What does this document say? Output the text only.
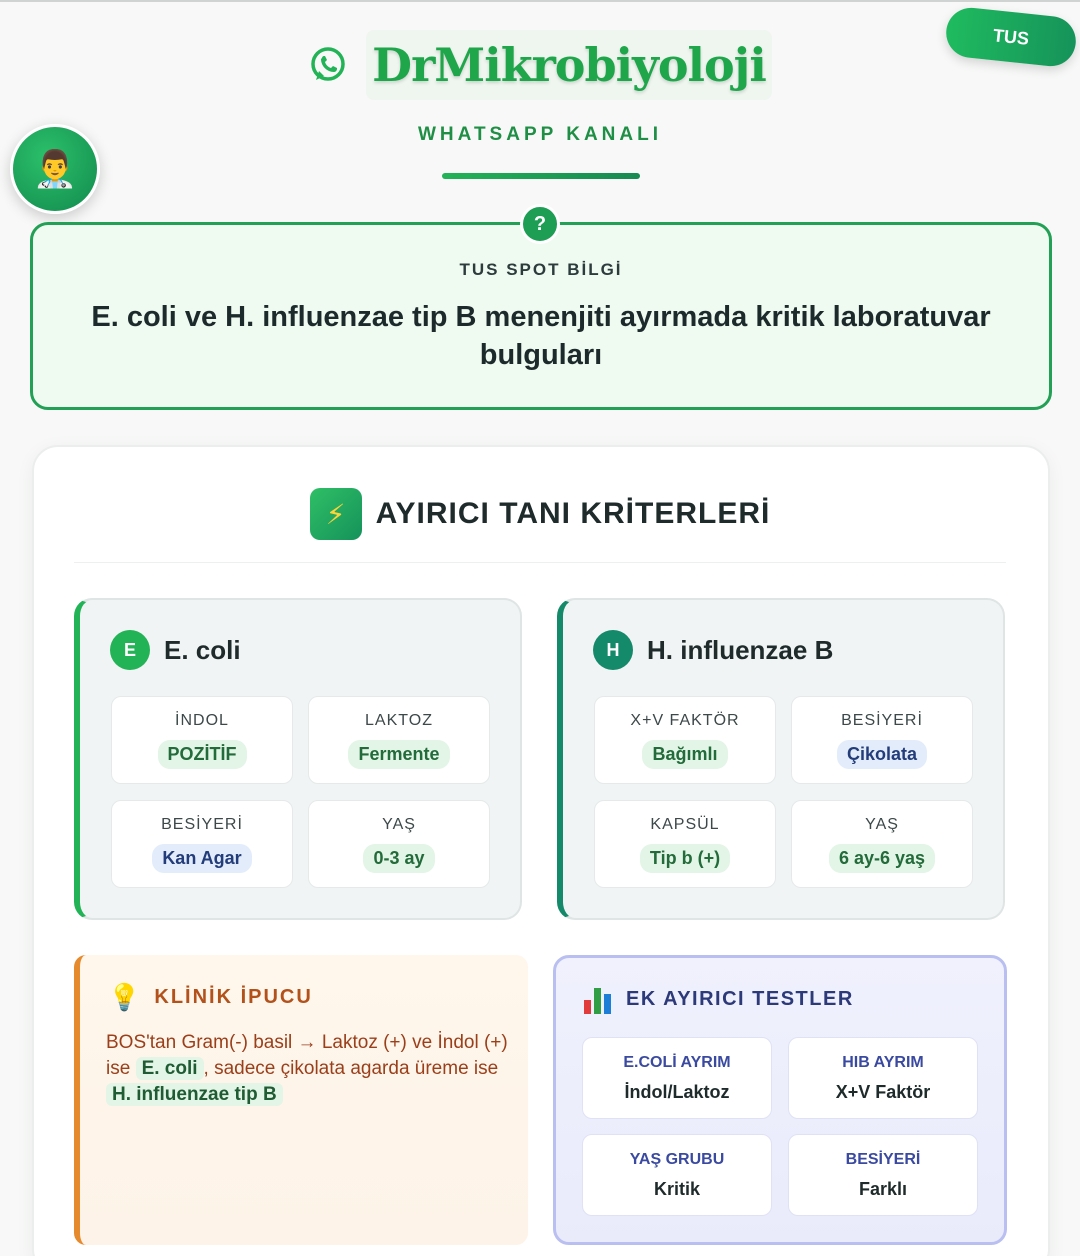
DrMikrobiyoloji
WHATSAPP KANALI
TUS
👨‍⚕️
?
TUS SPOT BİLGİ
E. coli ve H. influenzae tip B menenjiti ayırmada kritik laboratuvar bulguları
⚡	AYIRICI TANI KRİTERLERİ
E	E. coli
İNDOL
POZİTİF
LAKTOZ
Fermente
BESİYERİ
Kan Agar
YAŞ
0-3 ay
H	H. influenzae B
X+V FAKTÖR
Bağımlı
BESİYERİ
Çikolata
KAPSÜL
Tip b (+)
YAŞ
6 ay-6 yaş
💡 KLİNİK İPUCU
BOS'tan Gram(-) basil → Laktoz (+) ve İndol (+) ise E. coli , sadece çikolata agarda üreme ise H. influenzae tip B
EK AYIRICI TESTLER
E.COLİ AYRIM
İndol/Laktoz
HIB AYRIM
X+V Faktör
YAŞ GRUBU
Kritik
BESİYERİ
Farklı
